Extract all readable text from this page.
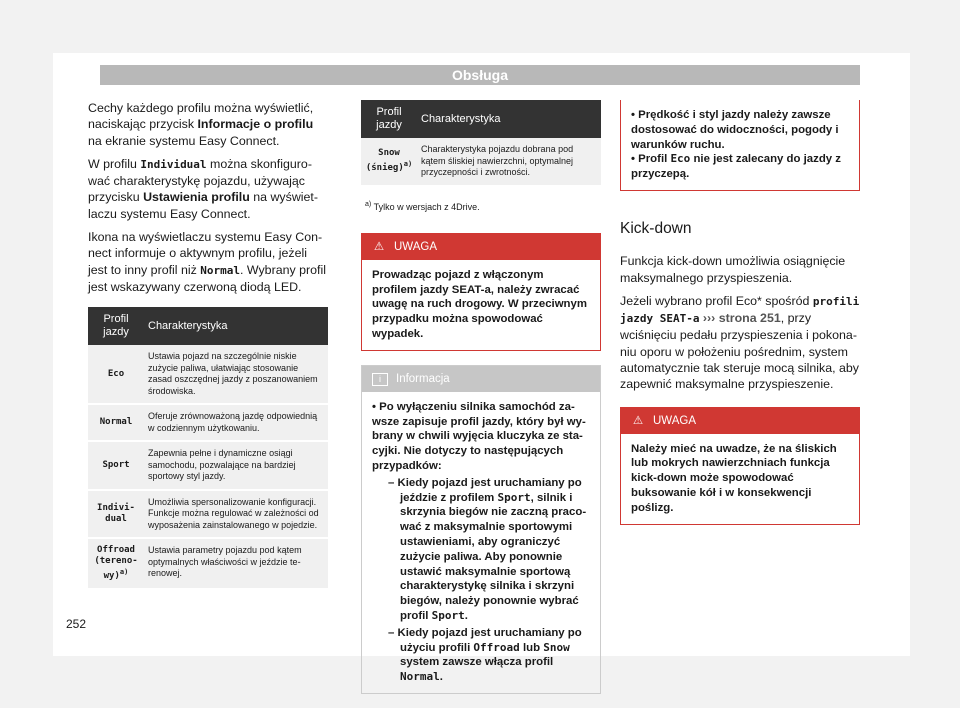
Obsługa

Cechy każdego profilu można wyświetlić, naciskając przycisk Informacje o profilu na ekranie systemu Easy Connect.

W profilu Individual można skonfigurować charakterystykę pojazdu, używając przycisku Ustawienia profilu na wyświetlaczu systemu Easy Connect.

Ikona na wyświetlaczu systemu Easy Connect informuje o aktywnym profilu, jeżeli jest to inny profil niż Normal. Wybrany profil jest wskazywany czerwoną diodą LED.

Profil jazdy	Charakterystyka
Eco	Ustawia pojazd na szczególnie niskie zużycie paliwa, ułatwiając stosowanie zasad oszczędnej jazdy z poszanowaniem środowiska.
Normal	Oferuje zrównoważoną jazdę odpowiednią w codziennym użytkowaniu.
Sport	Zapewnia pełne i dynamiczne osiągi samochodu, pozwalające na bardziej sportowy styl jazdy.
Individual	Umożliwia spersonalizowanie konfiguracji. Funkcje można regulować w zależności od wyposażenia zainstalowanego w pojedzie.
Offroad (terenowy)$^{a)}$	Ustawia parametry pojazdu pod kątem optymalnych właściwości w jeździe terenowej.
Profil jazdy	Charakterystyka
Snow (śnieg)$^{a)}$	Charakterystyka pojazdu dobrana pod kątem śliskiej nawierzchni, optymalnej przyczepności i zwrotności.
$^{a)}$ Tylko w wersjach z 4Drive.
⚠ UWAGA
Prowadząc pojazd z włączonym profilem jazdy SEAT-a, należy zwracać uwagę na ruch drogowy. W przeciwnym przypadku można spowodować wypadek.
i Informacja
• Po wyłączeniu silnika samochód zawsze zapisuje profil jazdy, który był wybrany w chwili wyjęcia kluczyka ze stacyjki. Nie dotyczy to następujących przypadków:
– Kiedy pojazd jest uruchamiany po jeździe z profilem Sport, silnik i skrzynia biegów nie zaczną pracować z maksymalnie sportowymi ustawieniami, aby ograniczyć zużycie paliwa. Aby ponownie ustawić maksymalnie sportową charakterystykę silnika i skrzyni biegów, należy ponownie wybrać profil Sport.
– Kiedy pojazd jest uruchamiany po użyciu profili Offroad lub Snow system zawsze włącza profil Normal.
• Prędkość i styl jazdy należy zawsze dostosować do widoczności, pogody i warunków ruchu.
• Profil Eco nie jest zalecany do jazdy z przyczepą.
Kick-down

Funkcja kick-down umożliwia osiągnięcie maksymalnego przyspieszenia.

Jeżeli wybrano profil Eco* spośród profili jazdy SEAT-a ››› strona 251, przy wciśnięciu pedału przyspieszenia i pokonaniu oporu w położeniu pośrednim, system automatycznie tak steruje mocą silnika, aby zapewnić maksymalne przyspieszenie.

⚠ UWAGA
Należy mieć na uwadze, że na śliskich lub mokrych nawierzchniach funkcja kick-down może spowodować buksowanie kół i w konsekwencji poślizg.
252
